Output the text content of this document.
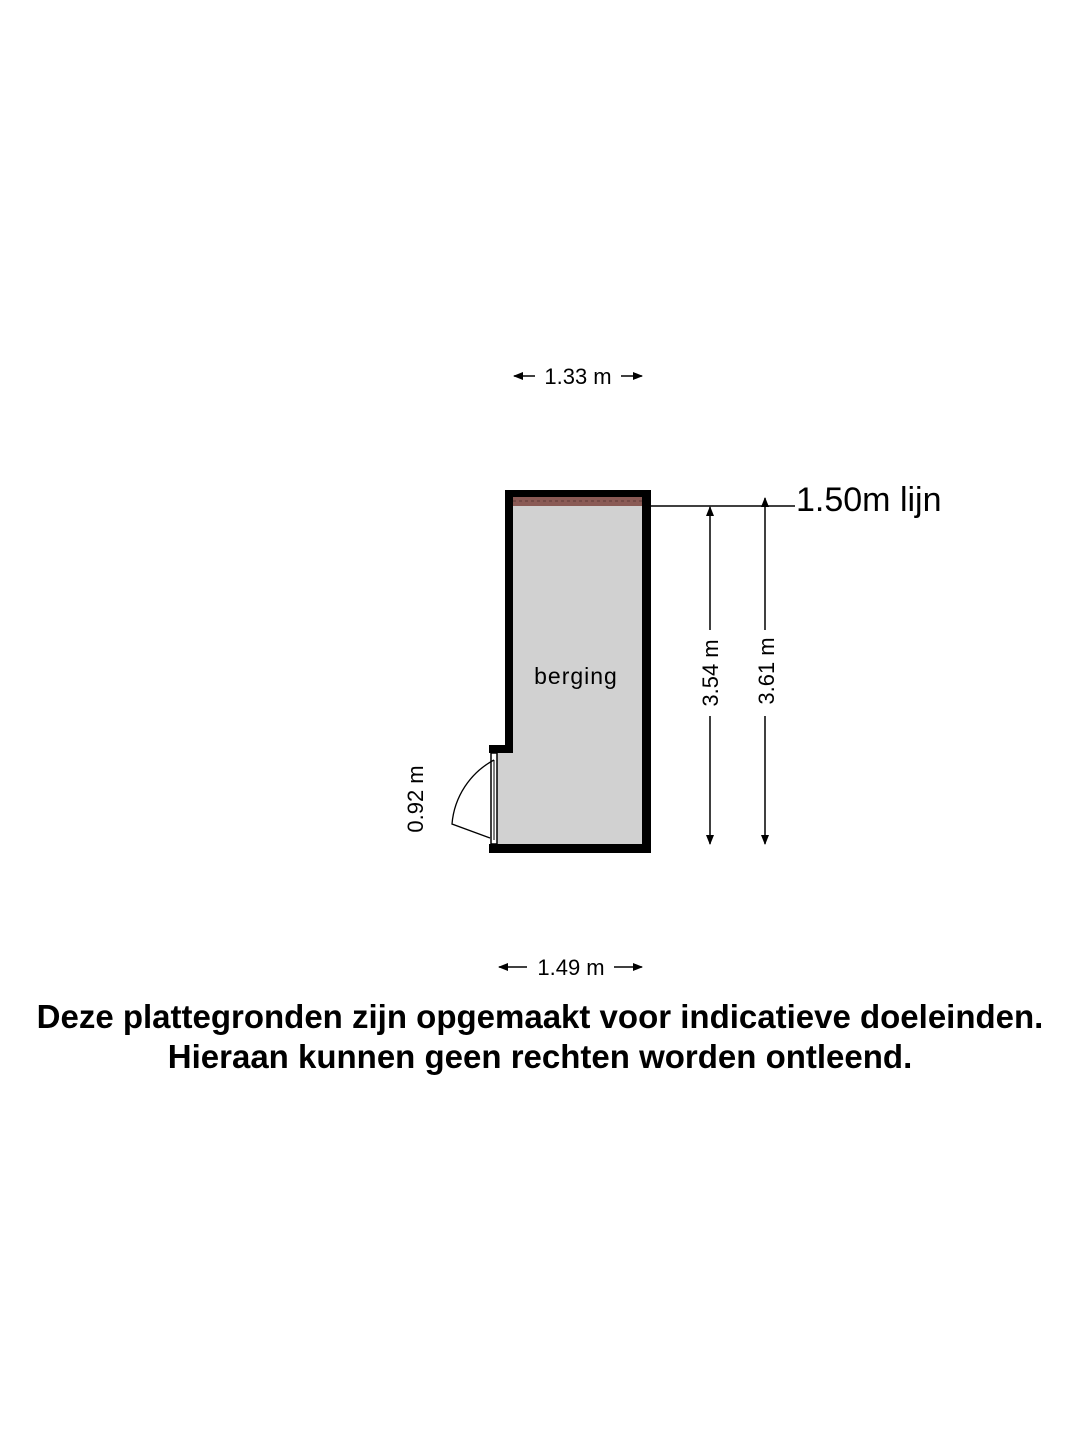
1.33 m
berging
1.50m lijn
3.54 m 3.61 m
0.92 m
1.49 m

Deze plattegronden zijn opgemaakt voor indicatieve doeleinden.

Hieraan kunnen geen rechten worden ontleend.
